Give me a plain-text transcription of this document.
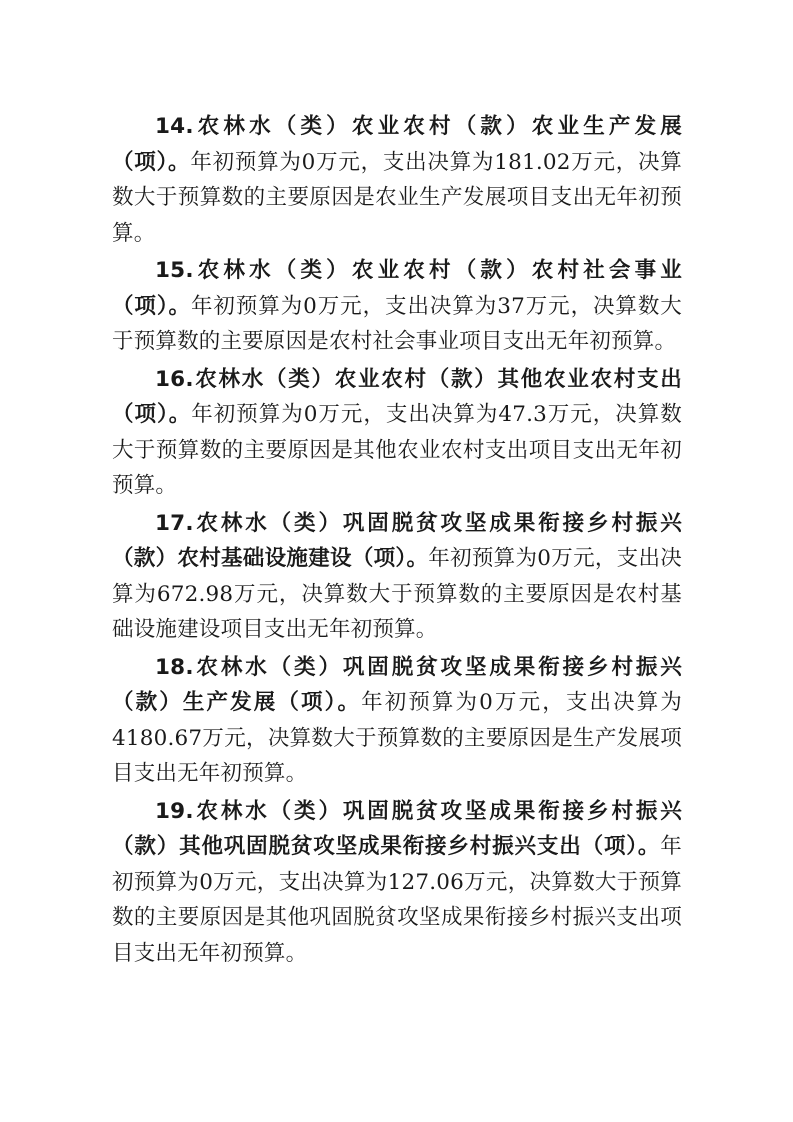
14.农林水（类）农业农村（款）农业生产发展（项）。年初预算为0万元，支出决算为181.02万元，决算数大于预算数的主要原因是农业生产发展项目支出无年初预算。

15.农林水（类）农业农村（款）农村社会事业（项）。年初预算为0万元，支出决算为37万元，决算数大于预算数的主要原因是农村社会事业项目支出无年初预算。

16.农林水（类）农业农村（款）其他农业农村支出（项）。年初预算为0万元，支出决算为47.3万元，决算数大于预算数的主要原因是其他农业农村支出项目支出无年初预算。

17.农林水（类）巩固脱贫攻坚成果衔接乡村振兴（款）农村基础设施建设（项）。年初预算为0万元，支出决算为672.98万元，决算数大于预算数的主要原因是农村基础设施建设项目支出无年初预算。

18.农林水（类）巩固脱贫攻坚成果衔接乡村振兴（款）生产发展（项）。年初预算为0万元，支出决算为4180.67万元，决算数大于预算数的主要原因是生产发展项目支出无年初预算。

19.农林水（类）巩固脱贫攻坚成果衔接乡村振兴（款）其他巩固脱贫攻坚成果衔接乡村振兴支出（项）。年初预算为0万元，支出决算为127.06万元，决算数大于预算数的主要原因是其他巩固脱贫攻坚成果衔接乡村振兴支出项目支出无年初预算。
